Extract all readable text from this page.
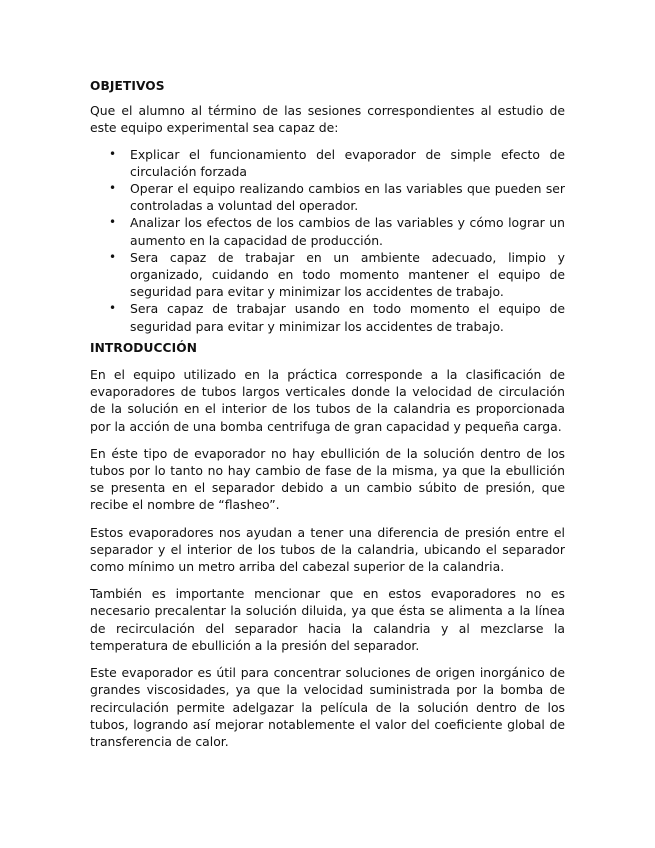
OBJETIVOS

Que el alumno al término de las sesiones correspondientes al estudio de este equipo experimental sea capaz de:

• Explicar el funcionamiento del evaporador de simple efecto de circulación forzada
• Operar el equipo realizando cambios en las variables que pueden ser controladas a voluntad del operador.
• Analizar los efectos de los cambios de las variables y cómo lograr un aumento en la capacidad de producción.
• Sera capaz de trabajar en un ambiente adecuado, limpio y organizado, cuidando en todo momento mantener el equipo de seguridad para evitar y minimizar los accidentes de trabajo.
• Sera capaz de trabajar usando en todo momento el equipo de seguridad para evitar y minimizar los accidentes de trabajo.
INTRODUCCIÓN

En el equipo utilizado en la práctica corresponde a la clasificación de evaporadores de tubos largos verticales donde la velocidad de circulación de la solución en el interior de los tubos de la calandria es proporcionada por la acción de una bomba centrifuga de gran capacidad y pequeña carga.

En éste tipo de evaporador no hay ebullición de la solución dentro de los tubos por lo tanto no hay cambio de fase de la misma, ya que la ebullición se presenta en el separador debido a un cambio súbito de presión, que recibe el nombre de “flasheo”.

Estos evaporadores nos ayudan a tener una diferencia de presión entre el separador y el interior de los tubos de la calandria, ubicando el separador como mínimo un metro arriba del cabezal superior de la calandria.

También es importante mencionar que en estos evaporadores no es necesario precalentar la solución diluida, ya que ésta se alimenta a la línea de recirculación del separador hacia la calandria y al mezclarse la temperatura de ebullición a la presión del separador.

Este evaporador es útil para concentrar soluciones de origen inorgánico de grandes viscosidades, ya que la velocidad suministrada por la bomba de recirculación permite adelgazar la película de la solución dentro de los tubos, logrando así mejorar notablemente el valor del coeficiente global de transferencia de calor.
